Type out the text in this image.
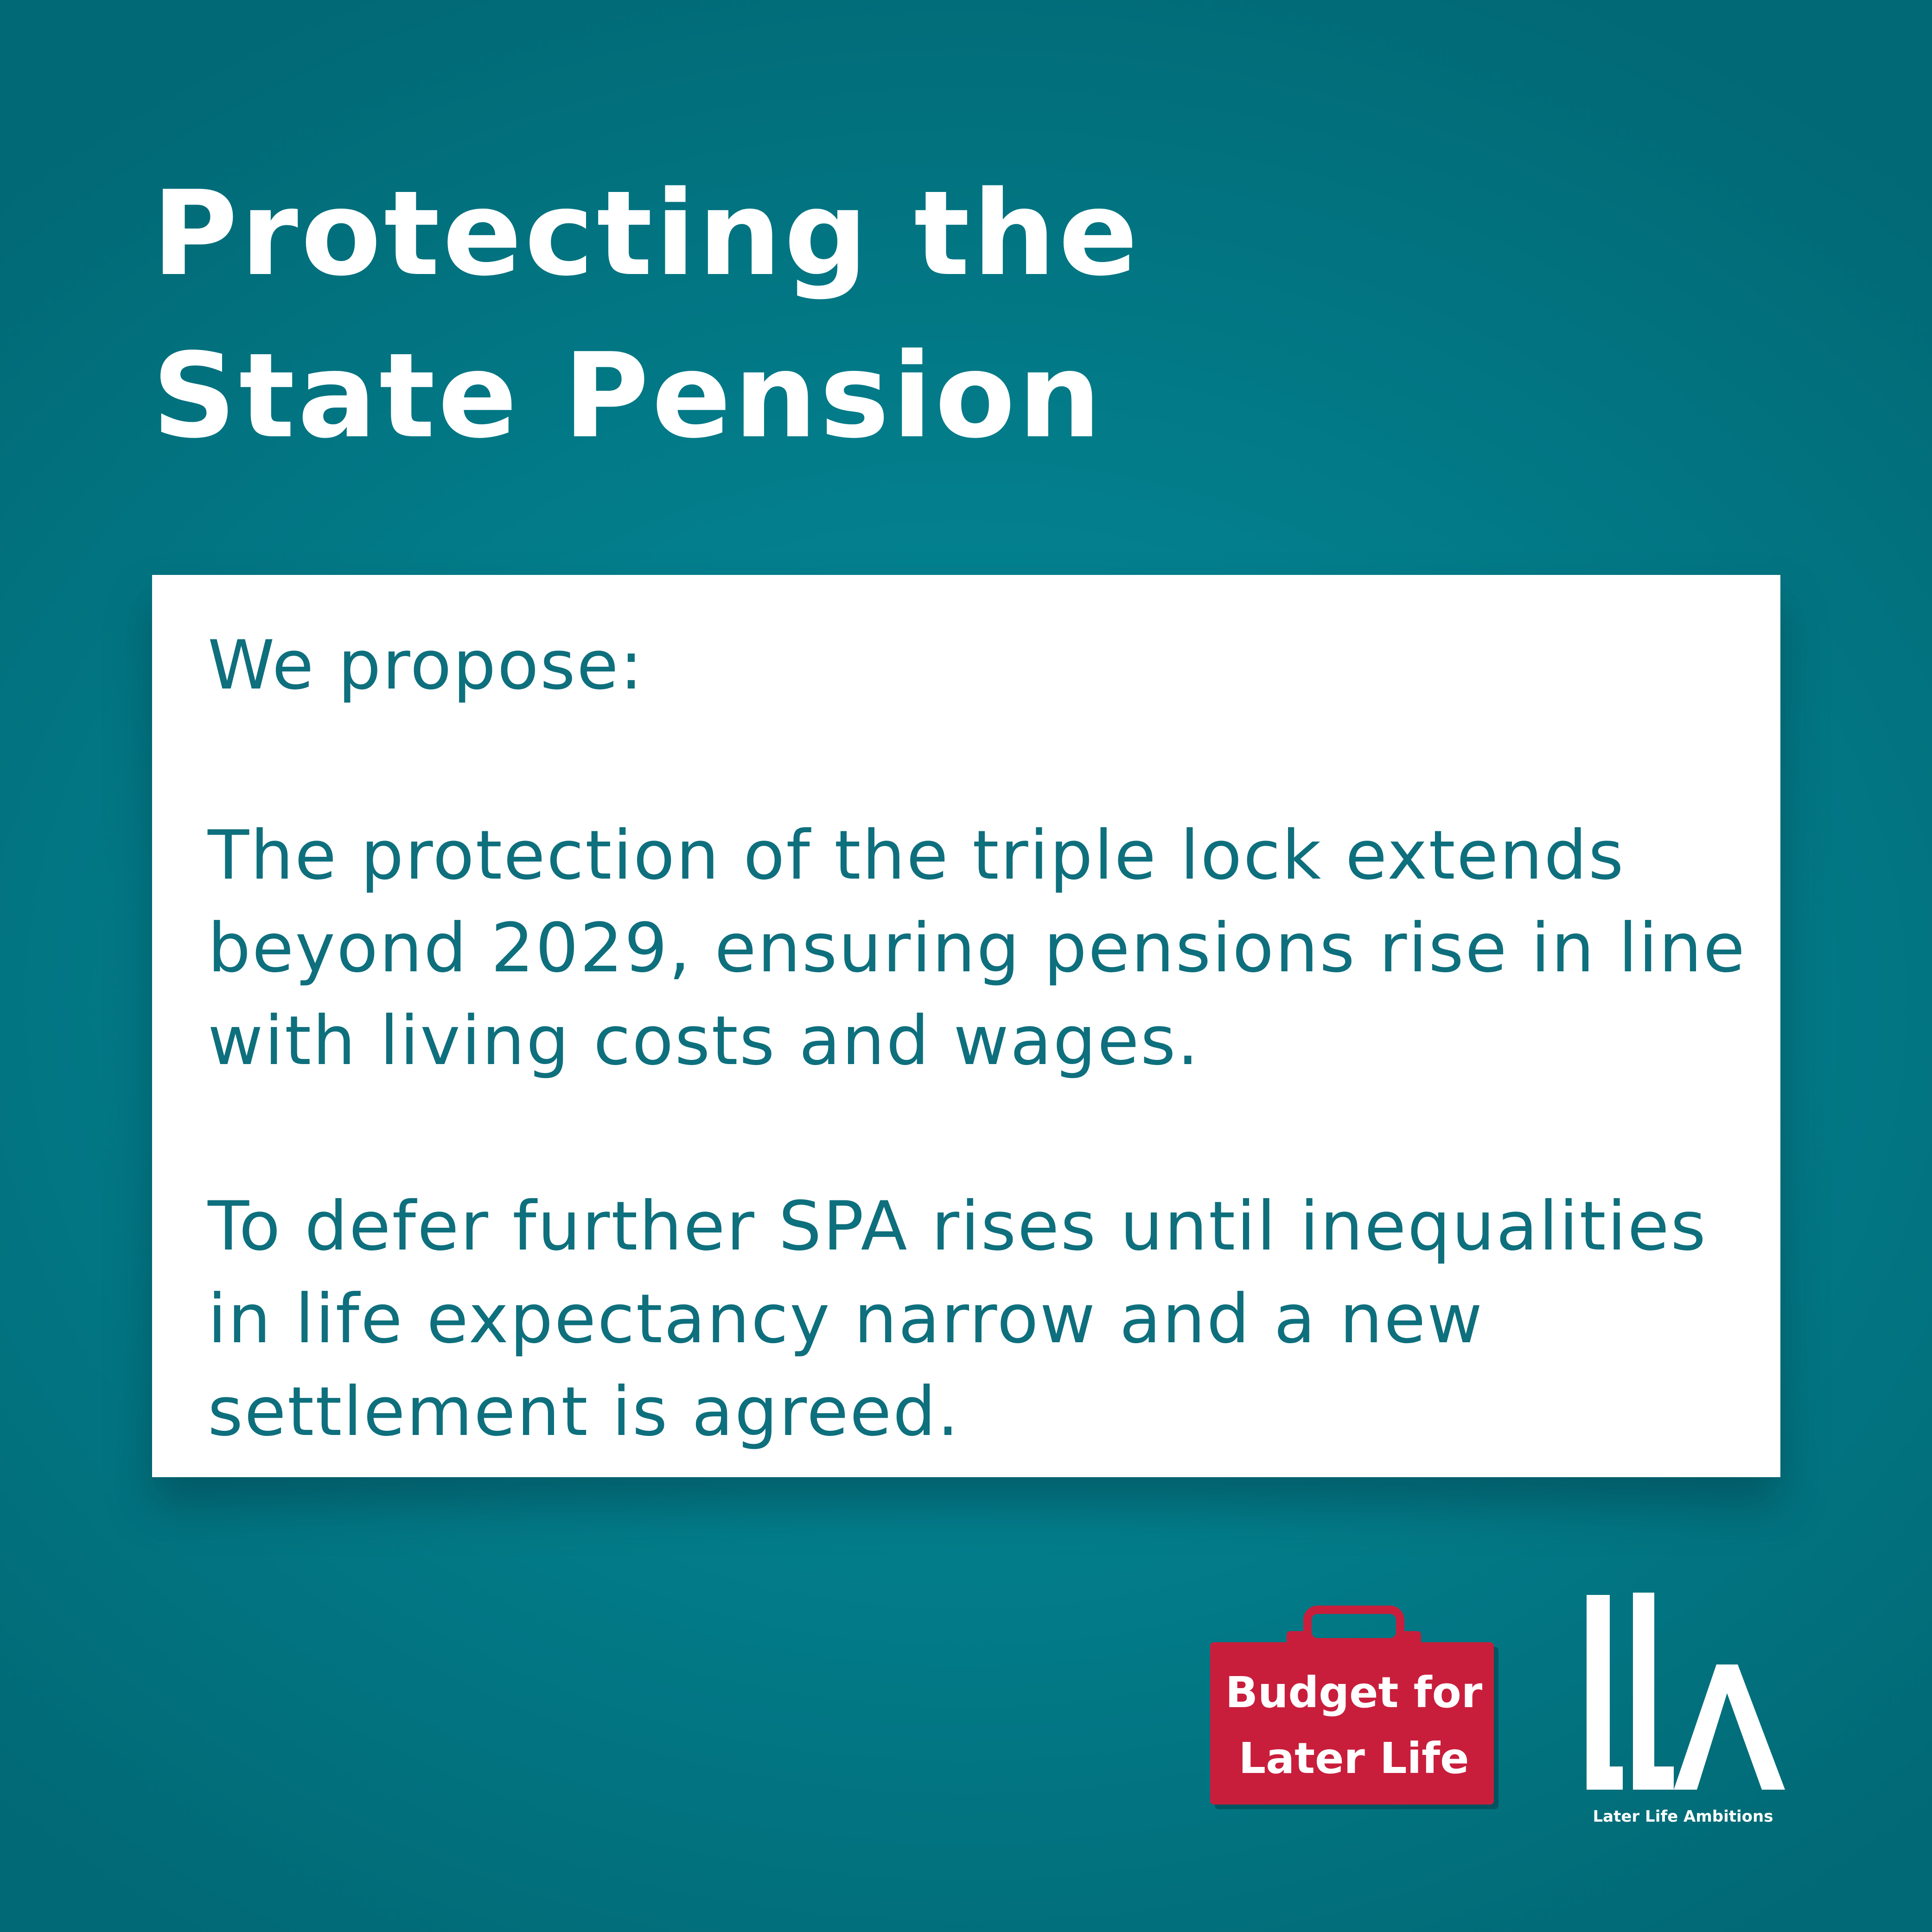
Protecting the
State Pension

We propose:

The protection of the triple lock extends
beyond 2029, ensuring pensions rise in line
with living costs and wages.

To defer further SPA rises until inequalities
in life expectancy narrow and a new
settlement is agreed.

Budget for
Later Life
Later Life Ambitions
